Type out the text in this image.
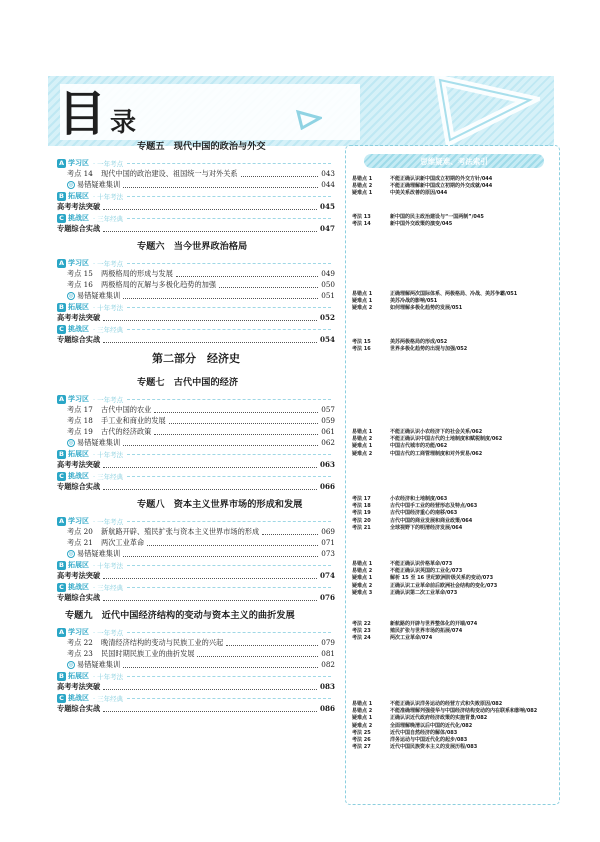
目 录
专题五　现代中国的政治与外交
A 学习区 · 一年考点
考点 14	现代中国的政治建设、祖国统一与对外关系	043
◎ 易错疑难集训	044
B 拓展区 · 十年考法
高考考法突破	045
C 挑战区 · 三年经典
专题综合实战	047
专题六　当今世界政治格局
A 学习区 · 一年考点
考点 15	两极格局的形成与发展	049
考点 16	两极格局的瓦解与多极化趋势的加强	050
◎ 易错疑难集训	051
B 拓展区 · 十年考法
高考考法突破	052
C 挑战区 · 三年经典
专题综合实战	054
第二部分　经济史
专题七　古代中国的经济
A 学习区 · 一年考点
考点 17	古代中国的农业	057
考点 18	手工业和商业的发展	059
考点 19	古代的经济政策	061
◎ 易错疑难集训	062
B 拓展区 · 十年考法
高考考法突破	063
C 挑战区 · 三年经典
专题综合实战	066
专题八　资本主义世界市场的形成和发展
A 学习区 · 一年考点
考点 20	新航路开辟、殖民扩张与资本主义世界市场的形成	069
考点 21	两次工业革命	071
◎ 易错疑难集训	073
B 拓展区 · 十年考法
高考考法突破	074
C 挑战区 · 三年经典
专题综合实战	076
专题九　近代中国经济结构的变动与资本主义的曲折发展
A 学习区 · 一年考点
考点 22	晚清经济结构的变动与民族工业的兴起	079
考点 23	民国时期民族工业的曲折发展	081
◎ 易错疑难集训	082
B 拓展区 · 十年考法
高考考法突破	083
C 挑战区 · 三年经典
专题综合实战	086
思维疑难、考法索引
易错点 1	不能正确认识新中国成立初期的外交方针/044
易错点 2	不能正确理解新中国成立初期的外交成就/044
疑难点 1	中美关系改善的原因/044
考法 13	新中国的民主政治建设与“一国两制”/045
考法 14	新中国外交政策的演变/045
易错点 1	正确理解两次国际体系、两极格局、冷战、美苏争霸/051
疑难点 1	美苏冷战的影响/051
疑难点 2	如何理解多极化趋势的发展/051
考法 15	美苏两极格局的形成/052
考法 16	世界多极化趋势的出现与加强/052
易错点 1	不能正确认识小农经济下的社会关系/062
易错点 2	不能正确认识中国古代的土地制度和赋税制度/062
疑难点 1	中国古代城市的功能/062
疑难点 2	中国古代的工商管理制度和对外贸易/062
考法 17	小农经济和土地制度/063
考法 18	古代中国手工业的经营形态及特点/063
考法 19	古代中国经济重心的南移/063
考法 20	古代中国的商业发展和商业政策/064
考法 21	全球视野下的明清经济发展/064
易错点 1	不能正确认识价格革命/073
易错点 2	不能正确认识英国的工业化/073
疑难点 1	解析 15 至 16 世纪欧洲阶级关系的变动/073
疑难点 2	正确认识工业革命前后欧洲社会结构的变化/073
疑难点 3	正确认识第二次工业革命/073
考法 22	新航路的开辟与世界整体化的开端/074
考法 23	殖民扩张与世界市场的拓展/074
考法 24	两次工业革命/074
易错点 1	不能正确认识洋务运动的经营方式和失败原因/082
易错点 2	不能准确理解列强侵华与中国经济结构变动的内在联系和影响/082
疑难点 1	正确认识近代政府经济政策的实施背景/082
疑难点 2	全面理解晚清以后中国的近代化/082
考法 25	近代中国自然经济的解体/083
考法 26	洋务运动与中国近代化的起步/083
考法 27	近代中国民族资本主义的发展历程/083
